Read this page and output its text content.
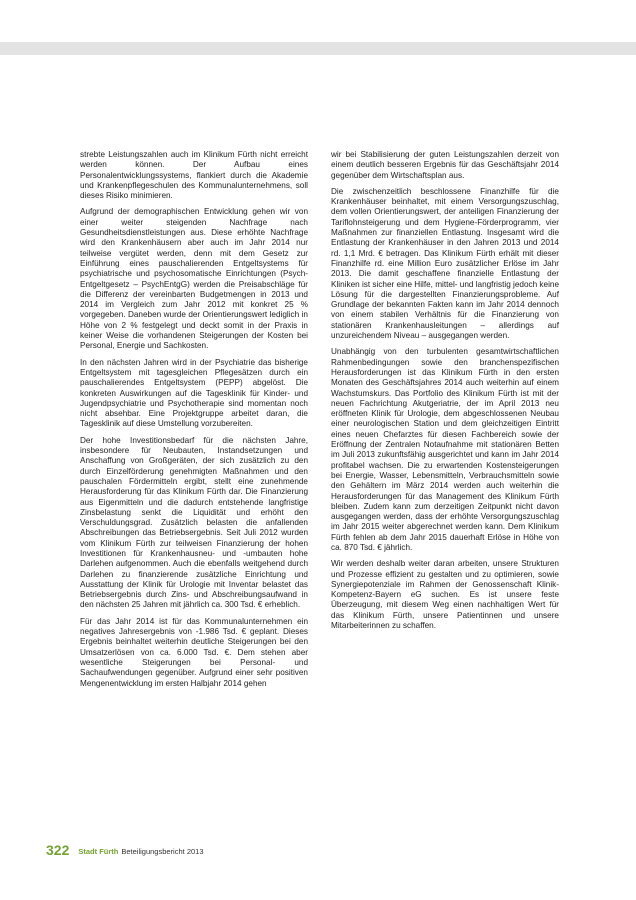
strebte Leistungszahlen auch im Klinikum Fürth nicht erreicht werden können. Der Aufbau eines Personalentwicklungssystems, flankiert durch die Akademie und Krankenpflegeschulen des Kommunalunternehmens, soll dieses Risiko minimieren.

Aufgrund der demographischen Entwicklung gehen wir von einer weiter steigenden Nachfrage nach Gesundheitsdienstleistungen aus. Diese erhöhte Nachfrage wird den Krankenhäusern aber auch im Jahr 2014 nur teilweise vergütet werden, denn mit dem Gesetz zur Einführung eines pauschalierenden Entgeltsystems für psychiatrische und psychosomatische Einrichtungen (Psych-Entgeltgesetz – PsychEntgG) werden die Preisabschläge für die Differenz der vereinbarten Budgetmengen in 2013 und 2014 im Vergleich zum Jahr 2012 mit konkret 25 % vorgegeben. Daneben wurde der Orientierungswert lediglich in Höhe von 2 % festgelegt und deckt somit in der Praxis in keiner Weise die vorhandenen Steigerungen der Kosten bei Personal, Energie und Sachkosten.

In den nächsten Jahren wird in der Psychiatrie das bisherige Entgeltsystem mit tagesgleichen Pflegesätzen durch ein pauschalierendes Entgeltsystem (PEPP) abgelöst. Die konkreten Auswirkungen auf die Tagesklinik für Kinder- und Jugendpsychiatrie und Psychotherapie sind momentan noch nicht absehbar. Eine Projektgruppe arbeitet daran, die Tagesklinik auf diese Umstellung vorzubereiten.

Der hohe Investitionsbedarf für die nächsten Jahre, insbesondere für Neubauten, Instandsetzungen und Anschaffung von Großgeräten, der sich zusätzlich zu den durch Einzelförderung genehmigten Maßnahmen und den pauschalen Fördermitteln ergibt, stellt eine zunehmende Herausforderung für das Klinikum Fürth dar. Die Finanzierung aus Eigenmitteln und die dadurch entstehende langfristige Zinsbelastung senkt die Liquidität und erhöht den Verschuldungsgrad. Zusätzlich belasten die anfallenden Abschreibungen das Betriebsergebnis. Seit Juli 2012 wurden vom Klinikum Fürth zur teilweisen Finanzierung der hohen Investitionen für Krankenhausneu- und -umbauten hohe Darlehen aufgenommen. Auch die ebenfalls weitgehend durch Darlehen zu finanzierende zusätzliche Einrichtung und Ausstattung der Klinik für Urologie mit Inventar belastet das Betriebsergebnis durch Zins- und Abschreibungsaufwand in den nächsten 25 Jahren mit jährlich ca. 300 Tsd. € erheblich.

Für das Jahr 2014 ist für das Kommunalunternehmen ein negatives Jahresergebnis von -1.986 Tsd. € geplant. Dieses Ergebnis beinhaltet weiterhin deutliche Steigerungen bei den Umsatzerlösen von ca. 6.000 Tsd. €. Dem stehen aber wesentliche Steigerungen bei Personal- und Sachaufwendungen gegenüber. Aufgrund einer sehr positiven Mengenentwicklung im ersten Halbjahr 2014 gehen

wir bei Stabilisierung der guten Leistungszahlen derzeit von einem deutlich besseren Ergebnis für das Geschäftsjahr 2014 gegenüber dem Wirtschaftsplan aus.

Die zwischenzeitlich beschlossene Finanzhilfe für die Krankenhäuser beinhaltet, mit einem Versorgungszuschlag, dem vollen Orientierungswert, der anteiligen Finanzierung der Tariflohnsteigerung und dem Hygiene-Förderprogramm, vier Maßnahmen zur finanziellen Entlastung. Insgesamt wird die Entlastung der Krankenhäuser in den Jahren 2013 und 2014 rd. 1,1 Mrd. € betragen. Das Klinikum Fürth erhält mit dieser Finanzhilfe rd. eine Million Euro zusätzlicher Erlöse im Jahr 2013. Die damit geschaffene finanzielle Entlastung der Kliniken ist sicher eine Hilfe, mittel- und langfristig jedoch keine Lösung für die dargestellten Finanzierungsprobleme. Auf Grundlage der bekannten Fakten kann im Jahr 2014 dennoch von einem stabilen Verhältnis für die Finanzierung von stationären Krankenhausleitungen – allerdings auf unzureichendem Niveau – ausgegangen werden.

Unabhängig von den turbulenten gesamtwirtschaftlichen Rahmenbedingungen sowie den branchenspezifischen Herausforderungen ist das Klinikum Fürth in den ersten Monaten des Geschäftsjahres 2014 auch weiterhin auf einem Wachstumskurs. Das Portfolio des Klinikum Fürth ist mit der neuen Fachrichtung Akutgeriatrie, der im April 2013 neu eröffneten Klinik für Urologie, dem abgeschlossenen Neubau einer neurologischen Station und dem gleichzeitigen Eintritt eines neuen Chefarztes für diesen Fachbereich sowie der Eröffnung der Zentralen Notaufnahme mit stationären Betten im Juli 2013 zukunftsfähig ausgerichtet und kann im Jahr 2014 profitabel wachsen. Die zu erwartenden Kostensteigerungen bei Energie, Wasser, Lebensmitteln, Verbrauchsmitteln sowie den Gehältern im März 2014 werden auch weiterhin die Herausforderungen für das Management des Klinikum Fürth bleiben. Zudem kann zum derzeitigen Zeitpunkt nicht davon ausgegangen werden, dass der erhöhte Versorgungszuschlag im Jahr 2015 weiter abgerechnet werden kann. Dem Klinikum Fürth fehlen ab dem Jahr 2015 dauerhaft Erlöse in Höhe von ca. 870 Tsd. € jährlich.

Wir werden deshalb weiter daran arbeiten, unsere Strukturen und Prozesse effizient zu gestalten und zu optimieren, sowie Synergiepotenziale im Rahmen der Genossenschaft Klinik-Kompetenz-Bayern eG suchen. Es ist unsere feste Überzeugung, mit diesem Weg einen nachhaltigen Wert für das Klinikum Fürth, unsere Patientinnen und unsere Mitarbeiterinnen zu schaffen.

322 Stadt Fürth Beteiligungsbericht 2013
